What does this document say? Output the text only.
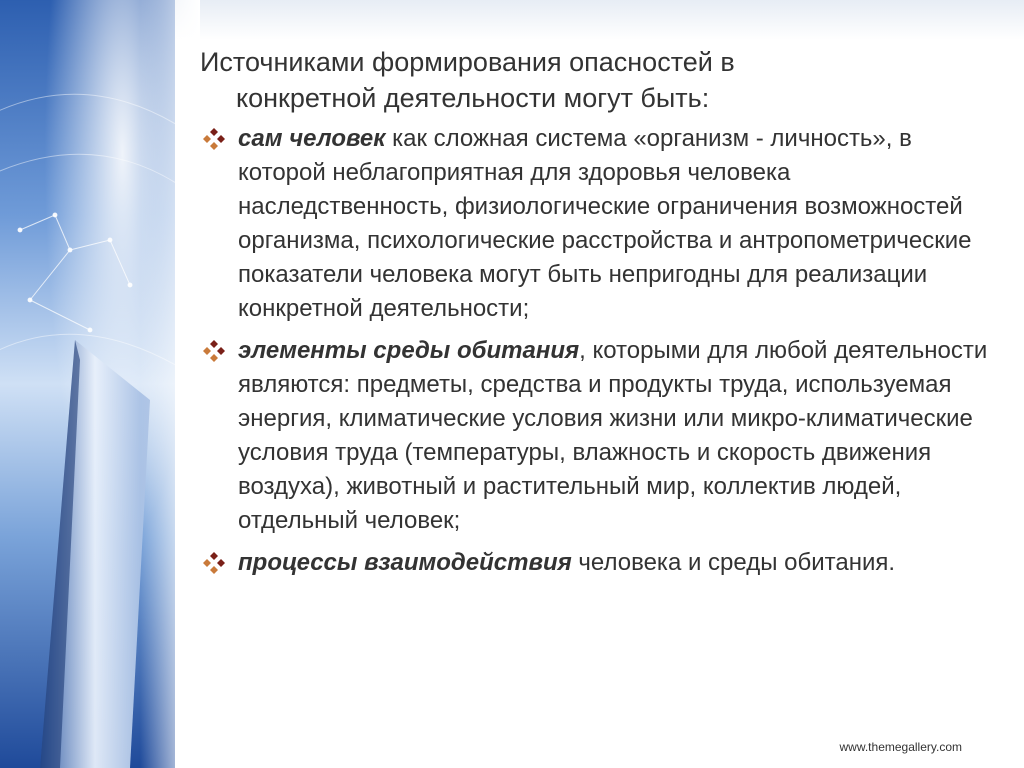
Источниками формирования опасностей в
конкретной деятельности могут быть:

сам человек как сложная система «организм - личность», в которой неблагоприятная для здоровья человека наследственность, физиологические ограничения возможностей организма, психологические расстройства и антропометрические показатели человека могут быть непригодны для реализации конкретной деятельности;
элементы среды обитания, которыми для любой деятельности являются: предметы, средства и продукты труда, используемая энергия, климатические условия жизни или микро-климатические условия труда (температуры, влажность и скорость движения воздуха), животный и растительный мир, коллектив людей, отдельный человек;
процессы взаимодействия человека и среды обитания.
www.themegallery.com
